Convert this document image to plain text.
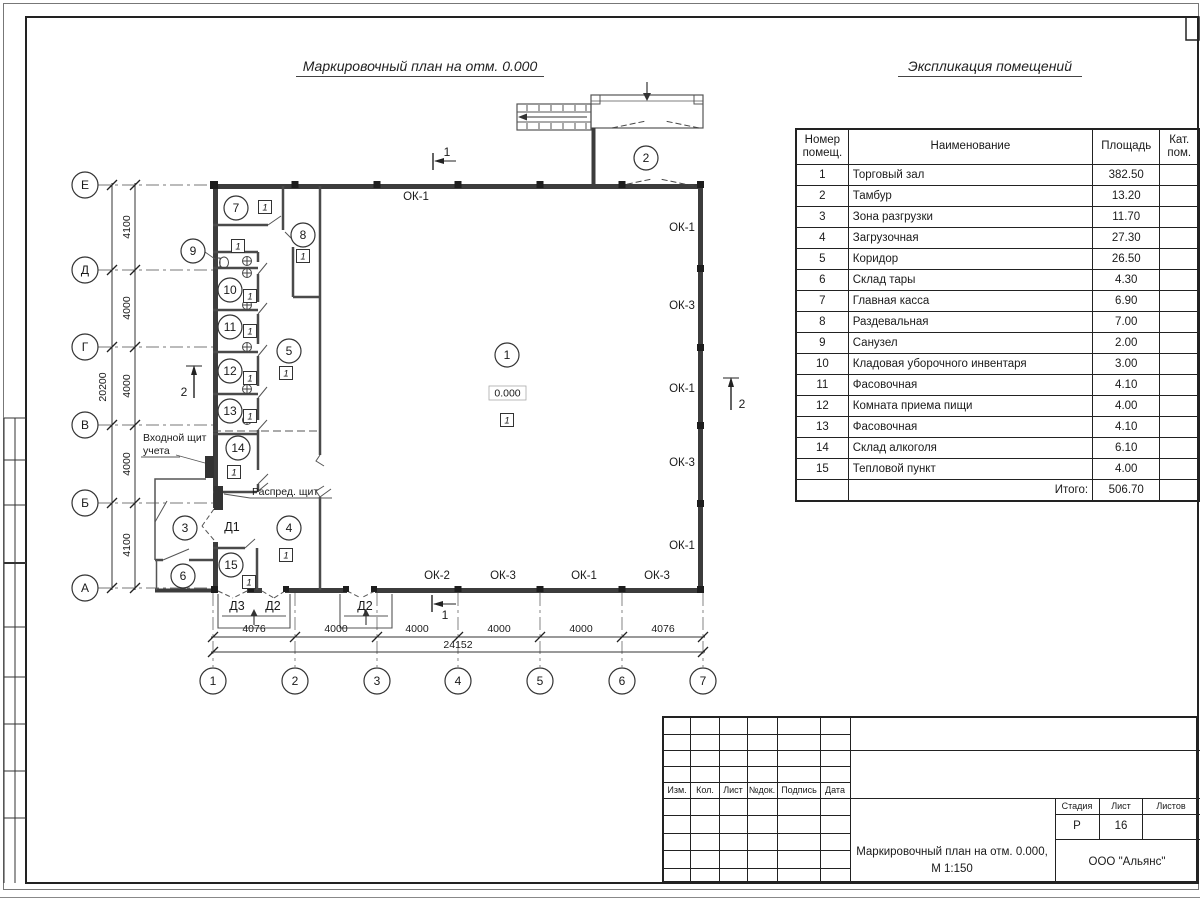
Е
Д
Г
В
Б
А
1	2	3	4	5	6	7
4100
4000
4000
4000
4100
20200
4076	4000	4000	4000	4000	4076
24152
1
2
3	4
5
6
7
8
9
10
11
12
13
14
15
1
1
1
1
1
1	1
1
1
1
1
1
ОК-1
ОК-1
ОК-3
ОК-1
ОК-3
ОК-1
ОК-2	ОК-3	ОК-1	ОК-3
Д1
Д3 Д2	Д2
1
1
2
2
Входной щит
учета
Распред. щит
0.000
Маркировочный план на отм. 0.000	Экспликация помещений
Номер
помещ.	Наименование	Площадь	Кат.
пом.
1	Торговый зал	382.50	
2	Тамбур	13.20	
3	Зона разгрузки	11.70	
4	Загрузочная	27.30	
5	Коридор	26.50	
6	Склад тары	4.30	
7	Главная касса	6.90	
8	Раздевальная	7.00	
9	Санузел	2.00	
10	Кладовая уборочного инвентаря	3.00	
11	Фасовочная	4.10	
12	Комната приема пищи	4.00	
13	Фасовочная	4.10	
14	Склад алкоголя	6.10	
15	Тепловой пункт	4.00	
	Итого:	506.70	
Изм. Кол. Лист №док. Подпись Дата
Стадия Лист	Листов
Р	16
Маркировочный план на отм. 0.000,
М 1:150
ООО "Альянс"
